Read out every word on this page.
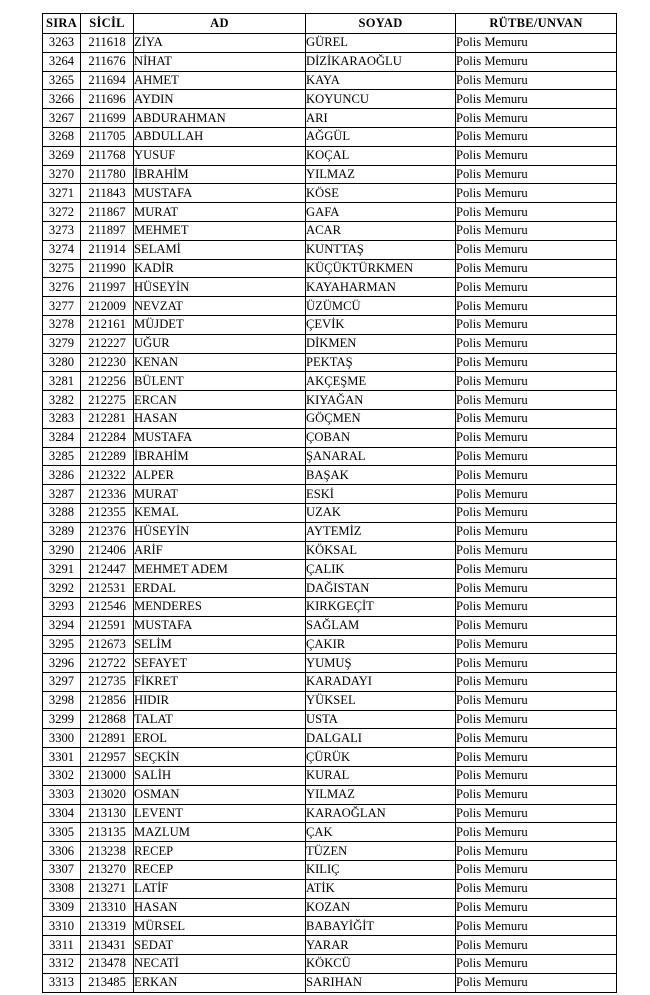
SIRA	SİCİL	AD	SOYAD	RÜTBE/UNVAN
3263	211618	ZİYA	GÜREL	Polis Memuru
3264	211676	NİHAT	DİZİKARAOĞLU	Polis Memuru
3265	211694	AHMET	KAYA	Polis Memuru
3266	211696	AYDIN	KOYUNCU	Polis Memuru
3267	211699	ABDURAHMAN	ARI	Polis Memuru
3268	211705	ABDULLAH	AĞGÜL	Polis Memuru
3269	211768	YUSUF	KOÇAL	Polis Memuru
3270	211780	İBRAHİM	YILMAZ	Polis Memuru
3271	211843	MUSTAFA	KÖSE	Polis Memuru
3272	211867	MURAT	GAFA	Polis Memuru
3273	211897	MEHMET	ACAR	Polis Memuru
3274	211914	SELAMİ	KUNTTAŞ	Polis Memuru
3275	211990	KADİR	KÜÇÜKTÜRKMEN	Polis Memuru
3276	211997	HÜSEYİN	KAYAHARMAN	Polis Memuru
3277	212009	NEVZAT	ÜZÜMCÜ	Polis Memuru
3278	212161	MÜJDET	ÇEVİK	Polis Memuru
3279	212227	UĞUR	DİKMEN	Polis Memuru
3280	212230	KENAN	PEKTAŞ	Polis Memuru
3281	212256	BÜLENT	AKÇEŞME	Polis Memuru
3282	212275	ERCAN	KIYAĞAN	Polis Memuru
3283	212281	HASAN	GÖÇMEN	Polis Memuru
3284	212284	MUSTAFA	ÇOBAN	Polis Memuru
3285	212289	İBRAHİM	ŞANARAL	Polis Memuru
3286	212322	ALPER	BAŞAK	Polis Memuru
3287	212336	MURAT	ESKİ	Polis Memuru
3288	212355	KEMAL	UZAK	Polis Memuru
3289	212376	HÜSEYİN	AYTEMİZ	Polis Memuru
3290	212406	ARİF	KÖKSAL	Polis Memuru
3291	212447	MEHMET ADEM	ÇALIK	Polis Memuru
3292	212531	ERDAL	DAĞISTAN	Polis Memuru
3293	212546	MENDERES	KIRKGEÇİT	Polis Memuru
3294	212591	MUSTAFA	SAĞLAM	Polis Memuru
3295	212673	SELİM	ÇAKIR	Polis Memuru
3296	212722	SEFAYET	YUMUŞ	Polis Memuru
3297	212735	FİKRET	KARADAYI	Polis Memuru
3298	212856	HIDIR	YÜKSEL	Polis Memuru
3299	212868	TALAT	USTA	Polis Memuru
3300	212891	EROL	DALGALI	Polis Memuru
3301	212957	SEÇKİN	ÇÜRÜK	Polis Memuru
3302	213000	SALİH	KURAL	Polis Memuru
3303	213020	OSMAN	YILMAZ	Polis Memuru
3304	213130	LEVENT	KARAOĞLAN	Polis Memuru
3305	213135	MAZLUM	ÇAK	Polis Memuru
3306	213238	RECEP	TÜZEN	Polis Memuru
3307	213270	RECEP	KILIÇ	Polis Memuru
3308	213271	LATİF	ATİK	Polis Memuru
3309	213310	HASAN	KOZAN	Polis Memuru
3310	213319	MÜRSEL	BABAYİĞİT	Polis Memuru
3311	213431	SEDAT	YARAR	Polis Memuru
3312	213478	NECATİ	KÖKCÜ	Polis Memuru
3313	213485	ERKAN	SARIHAN	Polis Memuru
